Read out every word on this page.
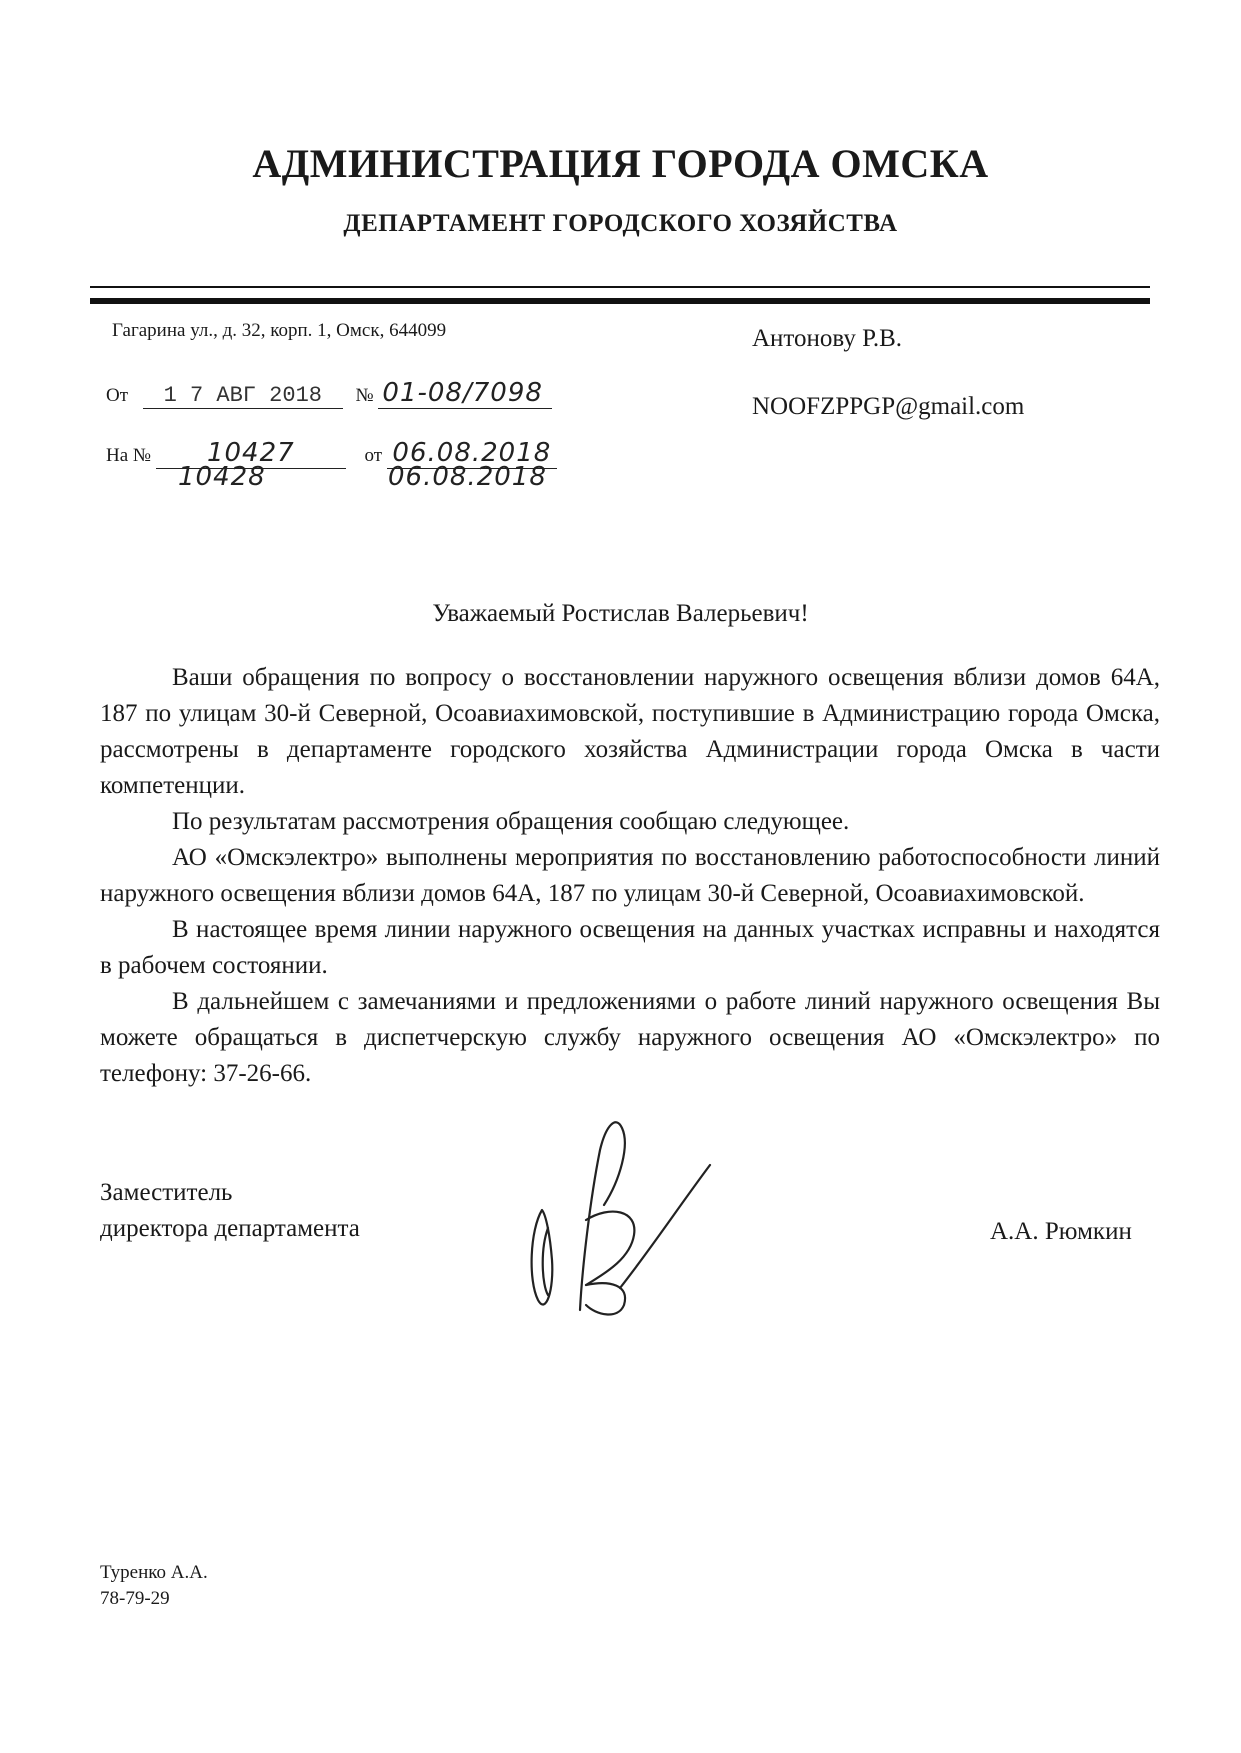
АДМИНИСТРАЦИЯ ГОРОДА ОМСКА
ДЕПАРТАМЕНТ ГОРОДСКОГО ХОЗЯЙСТВА
Гагарина ул., д. 32, корп. 1, Омск, 644099
От 1 7 АВГ 2018 № 01-08/7098
На № 10427	от 06.08.2018
10428	06.08.2018
Антонову Р.В.
NOOFZPPGP@gmail.com
Уважаемый Ростислав Валерьевич!

Ваши обращения по вопросу о восстановлении наружного освещения вблизи домов 64А, 187 по улицам 30-й Северной, Осоавиахимовской, поступившие в Администрацию города Омска, рассмотрены в департаменте городского хозяйства Администрации города Омска в части компетенции.

По результатам рассмотрения обращения сообщаю следующее.

АО «Омскэлектро» выполнены мероприятия по восстановлению работоспособности линий наружного освещения вблизи домов 64А, 187 по улицам 30-й Северной, Осоавиахимовской.

В настоящее время линии наружного освещения на данных участках исправны и находятся в рабочем состоянии.

В дальнейшем с замечаниями и предложениями о работе линий наружного освещения Вы можете обращаться в диспетчерскую службу наружного освещения АО «Омскэлектро» по телефону: 37-26-66.

Заместитель
директора департамента	А.А. Рюмкин
Туренко А.А.
78-79-29
